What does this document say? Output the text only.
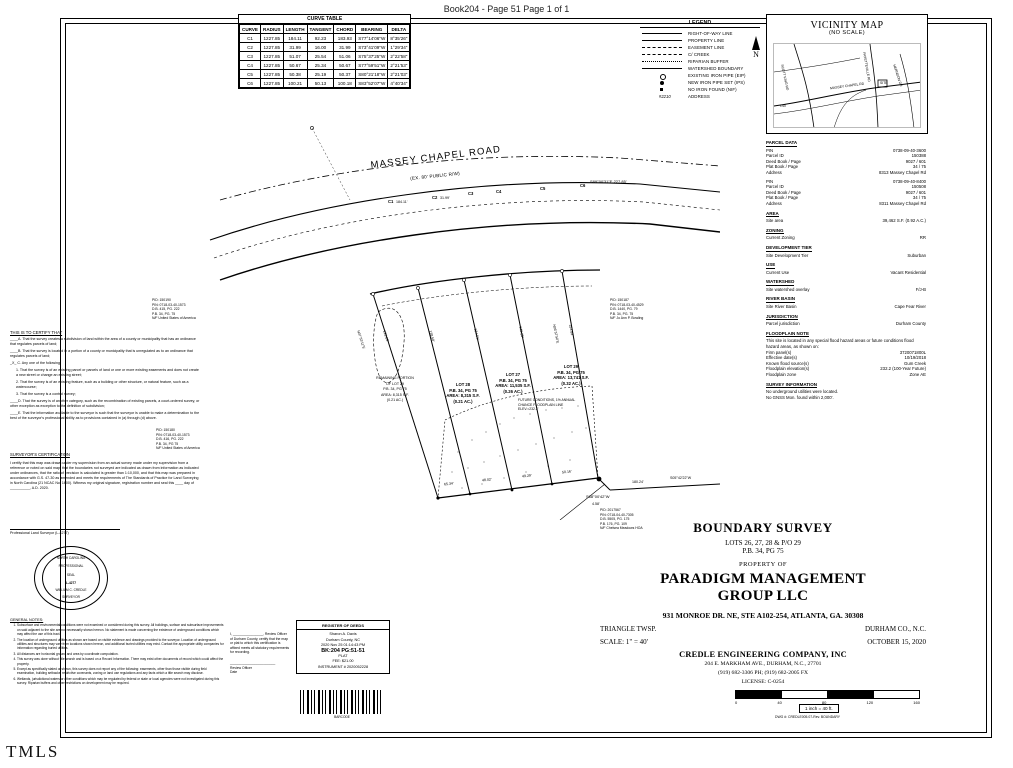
Book204 - Page 51 Page 1 of 1
TMLS
CURVE TABLE
CURVE	RADIUS	LENGTH	TANGENT	CHORD	BEARING	DELTA
C1	1227.85	184.11	92.23	183.93	S77°14'06"W	8°35'26"
C2	1227.85	31.99	16.00	31.99	S73°41'09"W	1°29'34"
C3	1227.85	51.07	25.54	51.06	S75°37'25"W	2°22'58"
C4	1227.85	50.67	25.34	50.67	S77°59'51"W	2°21'53"
C5	1227.85	50.38	25.19	50.37	S80°21'18"W	2°21'03"
C6	1227.85	100.21	50.13	100.18	S83°52'07"W	4°40'34"
LEGEND
RIGHT-OF-WAY LINE
PROPERTY LINE
EASEMENT LINE
C/ CREEK
RIPARIAN BUFFER
WATERSHED BOUNDARY
EXISTING IRON PIPE (EIP)
NEW IRON PIPE SET (IPS)
NO IRON FOUND (NIF)
#2210	ADDRESS
N
VICINITY MAP
(NO SCALE)
MASSEY CHAPEL RD
SCOTT KING RD	SITE
FAYETTEVILLE RD	HERNDON DR
I-40
PARCEL DATA
PIN	0738-09-40-3600
Parcel ID	150388
Deed Book / Page	9027 / 601
Plat Book / Page	34 / 75
Address	8313 Massey Chapel Rd
PIN	0738-09-40-8400
Parcel ID	150508
Deed Book / Page	9027 / 601
Plat Book / Page	34 / 75
Address	8311 Massey Chapel Rd
AREA
Site area	39,462 S.F. (0.92 A.C.)
ZONING
Current Zoning	RR
DEVELOPMENT TIER
Site Development Tier	Suburban
USE
Current Use	Vacant Residential
WATERSHED
Site watershed overlay	F/J-B
RIVER BASIN
Site River Basin	Cape Fear River
JURISDICTION
Parcel jurisdiction	Durham County
FLOODPLAIN NOTE

This site is located in any special flood hazard areas or future conditions flood hazard areas, as shown on:

Firm panel(s)	3720071800L
Effective date(s)	10/19/2018
Known flood source(s)	Gum Creek
Floodplain elevation(s)	232.2 (100-Year Future)
Floodplain zone	Zone AE
SURVEY INFORMATION

No underground utilities were located.

No GNSS Mon. found within 2,000'.

MASSEY CHAPEL ROAD
(EX. 80' PUBLIC R/W)
S89°00'31"E 227.85'
C1 184.11'
C2 31.99'
C3	C4
C5
C6
122.65'	128.50'	134.51'	140.35'	153.83'
N07°53'11"E	N06°57'50"E
65.34'
48.02'
49.29'
50.16'
S68°00'42"W
4.58'
180.24'
S05°42'22"W
REMAINING PORTION OF LOT 29
P.B. 34, PG 75
AREA: 8,315 S.F.
(0.21 AC.)
LOT 28
P.B. 34, PG 75
AREA: 8,315 S.F.
(0.21 AC.)
LOT 27
P.B. 34, PG 75
AREA: 11,535 S.F.
(0.26 AC.)
LOT 29
P.B. 34, PG 75
AREA: 13,741 S.F.
(0.32 AC.)
PID: 150190
PIN: 0718-03-40-1573
D.B. 415, PG. 222
P.B. 34, PG. 75
N/F United States of America
PID: 150180
PIN: 0718-03-40-1573
D.B. 416, PG. 222
P.B. 34, PG 75
N/F United States of America
PID: 150187
PIN: 0718-03-40-4529
D.B. 1440, PG. 79
P.B. 34, PG. 75
N/F Jo Ann P. Bowling
PID: 2017567
PIN: 0718-04-40-7305
D.B. 5505, PG. 175
P.B. 176, PG. 109
N/F Chelsea Meadows HOA
FUTURE CONDITIONS, 1% ANNUAL
CHANCE FLOODPLAIN LINE
ELEV.=232.2'
THIS IS TO CERTIFY THAT

____A. That the survey creates a subdivision of land within the area of a county or municipality that has an ordinance that regulates parcels of land;

____B. That the survey is located in a portion of a county or municipality that is unregulated as to an ordinance that regulates parcels of land;

_X_ C. Any one of the following:

1. That the survey is of an existing parcel or parcels of land or one or more existing easements and does not create a new street or change an existing street;

2. That the survey is of an existing feature, such as a building or other structure, or natural feature, such as a watercourse;

3. That the survey is a control survey;

____D. That the survey is of another category, such as the recombination of existing parcels, a court-ordered survey, or other exception as exception to the definition of subdivision;

____E. That the information available to the surveyor is such that the surveyor is unable to make a determination to the best of the surveyor's professional ability as to provisions contained in (a) through (d) above.

SURVEYOR'S CERTIFICATION

I certify that this map was drawn under my supervision from an actual survey made under my supervision from a reference or noted on said map, that the boundaries not surveyed are indicated as drawn from information as indicated under ordinances, that the ratio of precision is calculated is greater than 1:10,000, and that this map was prepared in accordance with G.S. 47-30 as amended and meets the requirements of The Standards of Practice for Land Surveying in North Carolina (21 NCAC No. 1600). Witness my original signature, registration number and seal this ____ day of __________, A.D. 2020.

Professional Land Surveyor (L-4277)
NORTH CAROLINA
PROFESSIONAL
SEAL
L-4277
WILLIAM C. CREDLE
SURVEYOR
GENERAL NOTES:
1. Subsurface and environmental conditions were not examined or considered during this survey. All buildings, surface and subsurface improvements on said adjacent to the site are not necessarily shown hereon. No statement is made concerning the existence of underground conditions which may affect the use of this tract.
2. The location of underground utilities as shown are based on visible evidence and drawings provided to the surveyor. Location of underground utilities and structures may vary from locations shown hereon, and additional buried utilities may exist. Contact the appropriate utility companies for information regarding buried utilities.
3. All distances are horizontal ground and area by coordinate computation.
4. This survey was done without title search and is based on a Record Information. There may exist other documents of record which could affect the property.
5. Except as specifically stated or shown, this survey does not report any of the following: easements, other than those visible during field examination, building setbacks, restrictive covenants, zoning or land use regulations and any facts which a title search may disclose.
6. Wetlands, jurisdictional waters or other conditions which may be regulated by federal or state or local agencies were not investigated during this survey. Riparian buffers and other restrictions on development may be required.

I, ________________, Review Officer of Durham County, certify that the map or plat to which this certification is affixed meets all statutory requirements for recording.

________________________

Review Officer

Date

REGISTER OF DEEDS
Sharon A. Davis
Durham County, NC
2020 Nov 25 01:14:43 PM
BK:204 PG:51-51
PLAT
FEE: $21.00
INSTRUMENT # 2020052228
BARCODE
BOUNDARY SURVEY
LOTS 26, 27, 28 & P/O 29
P.B. 34, PG 75
PROPERTY OF
PARADIGM MANAGEMENT
GROUP LLC
931 MONROE DR. NE, STE A102-254, ATLANTA, GA. 30308
TRIANGLE TWSP.	DURHAM CO., N.C.
SCALE: 1" = 40'	OCTOBER 15, 2020
CREDLE ENGINEERING COMPANY, INC
204 E. MARKHAM AVE., DURHAM, N.C., 27701
(919) 682-3306 PH; (919) 682-2005 FX
LICENSE: C-0254
0	40	80	120	160
1 inch = 40 ft.
DWG #: CREDLE005.07-Rev. BOUNDARY
